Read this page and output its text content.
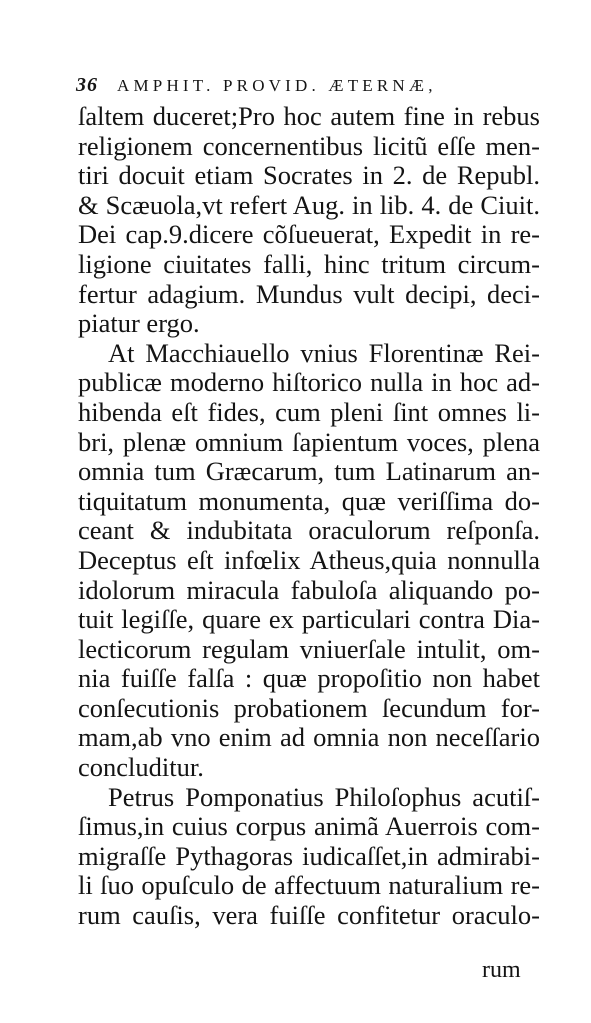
36 AMPHIT. PROVID. ÆTERNÆ,
ſaltem duceret;Pro hoc autem fine in rebus
religionem concernentibus licitũ eſſe men-
tiri docuit etiam Socrates in 2. de Republ.
& Scæuola,vt refert Aug. in lib. 4. de Ciuit.
Dei cap.9.dicere cõſueuerat, Expedit in re-
ligione ciuitates falli, hinc tritum circum-
fertur adagium. Mundus vult decipi, deci-
piatur ergo.
At Macchiauello vnius Florentinæ Rei-
publicæ moderno hiſtorico nulla in hoc ad-
hibenda eſt fides, cum pleni ſint omnes li-
bri, plenæ omnium ſapientum voces, plena
omnia tum Græcarum, tum Latinarum an-
tiquitatum monumenta, quæ veriſſima do-
ceant & indubitata oraculorum reſponſa.
Deceptus eſt infœlix Atheus,quia nonnulla
idolorum miracula fabuloſa aliquando po-
tuit legiſſe, quare ex particulari contra Dia-
lecticorum regulam vniuerſale intulit, om-
nia fuiſſe falſa : quæ propoſitio non habet
conſecutionis probationem ſecundum for-
mam,ab vno enim ad omnia non neceſſario
concluditur.
Petrus Pomponatius Philoſophus acutiſ-
ſimus,in cuius corpus animã Auerrois com-
migraſſe Pythagoras iudicaſſet,in admirabi-
li ſuo opuſculo de affectuum naturalium re-
rum cauſis, vera fuiſſe confitetur oraculo-
rum
